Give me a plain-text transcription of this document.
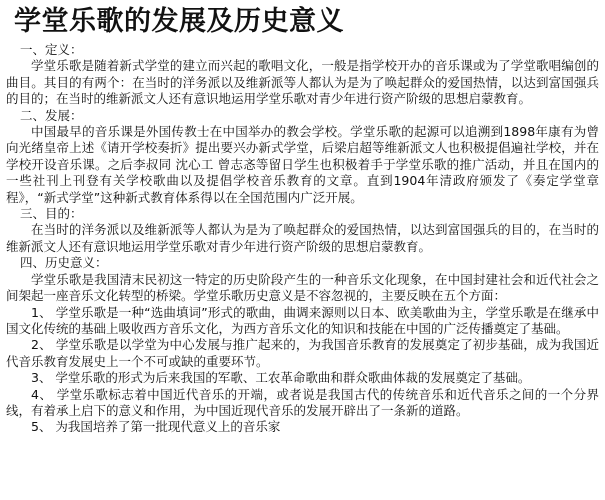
学堂乐歌的发展及历史意义

一、定义：

学堂乐歌是随着新式学堂的建立而兴起的歌唱文化，一般是指学校开办的音乐课或为了学堂歌唱编创的曲目。其目的有两个：在当时的洋务派以及维新派等人都认为是为了唤起群众的爱国热情，以达到富国强兵的目的；在当时的维新派文人还有意识地运用学堂乐歌对青少年进行资产阶级的思想启蒙教育。

二、发展：

中国最早的音乐课是外国传教士在中国举办的教会学校。学堂乐歌的起源可以追溯到1898年康有为曾向光绪皇帝上述《请开学校奏折》提出要兴办新式学堂，后梁启超等维新派文人也积极提倡遍社学校，并在学校开设音乐课。之后李叔同 沈心工 曾志忞等留日学生也积极着手于学堂乐歌的推广活动，并且在国内的一些社刊上刊登有关学校歌曲以及提倡学校音乐教育的文章。直到1904年清政府颁发了《奏定学堂章程》，“新式学堂”这种新式教育体系得以在全国范围内广泛开展。

三、目的：

在当时的洋务派以及维新派等人都认为是为了唤起群众的爱国热情，以达到富国强兵的目的，在当时的维新派文人还有意识地运用学堂乐歌对青少年进行资产阶级的思想启蒙教育。

四、历史意义：

学堂乐歌是我国清末民初这一特定的历史阶段产生的一种音乐文化现象，在中国封建社会和近代社会之间架起一座音乐文化转型的桥梁。学堂乐歌历史意义是不容忽视的，主要反映在五个方面：

1、 学堂乐歌是一种“选曲填词”形式的歌曲，曲调来源则以日本、欧美歌曲为主，学堂乐歌是在继承中国文化传统的基础上吸收西方音乐文化，为西方音乐文化的知识和技能在中国的广泛传播奠定了基础。

2、 学堂乐歌是以学堂为中心发展与推广起来的，为我国音乐教育的发展奠定了初步基础，成为我国近代音乐教育发展史上一个不可或缺的重要环节。

3、 学堂乐歌的形式为后来我国的军歌、工农革命歌曲和群众歌曲体裁的发展奠定了基础。

4、 学堂乐歌标志着中国近代音乐的开端，或者说是我国古代的传统音乐和近代音乐之间的一个分界线，有着承上启下的意义和作用，为中国近现代音乐的发展开辟出了一条新的道路。

5、 为我国培养了第一批现代意义上的音乐家
